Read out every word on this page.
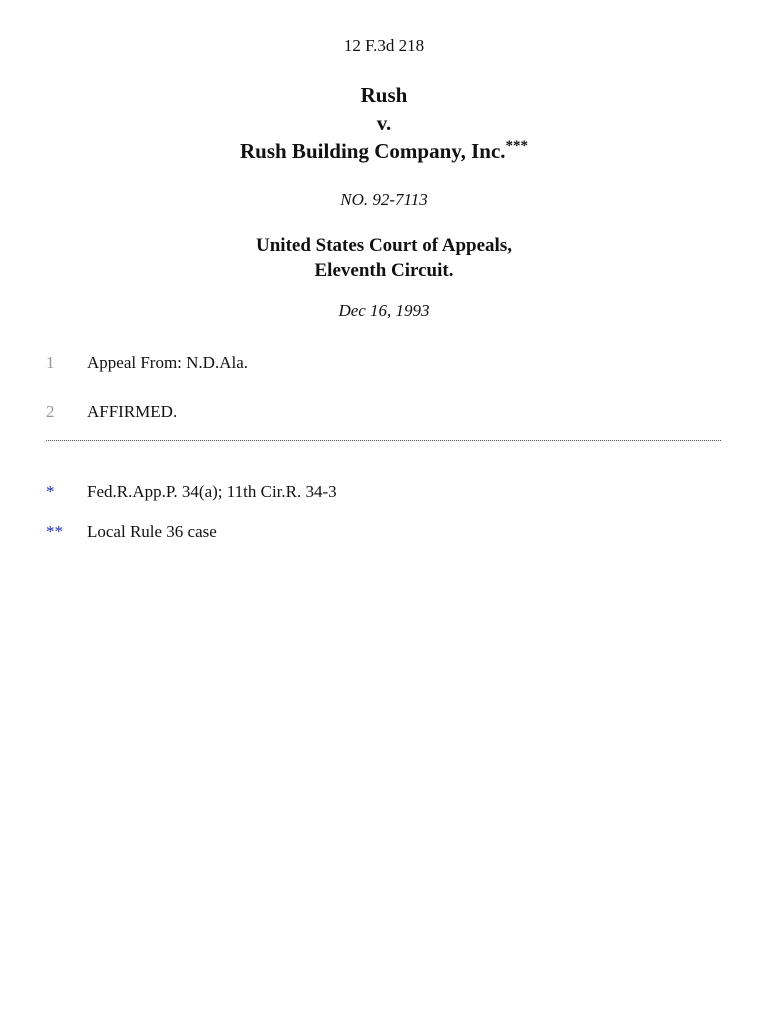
12 F.3d 218
Rush
v.
Rush Building Company, Inc.***
NO. 92-7113
United States Court of Appeals,
Eleventh Circuit.
Dec 16, 1993
1 Appeal From: N.D.Ala.
2 AFFIRMED.
* Fed.R.App.P. 34(a); 11th Cir.R. 34-3
** Local Rule 36 case
